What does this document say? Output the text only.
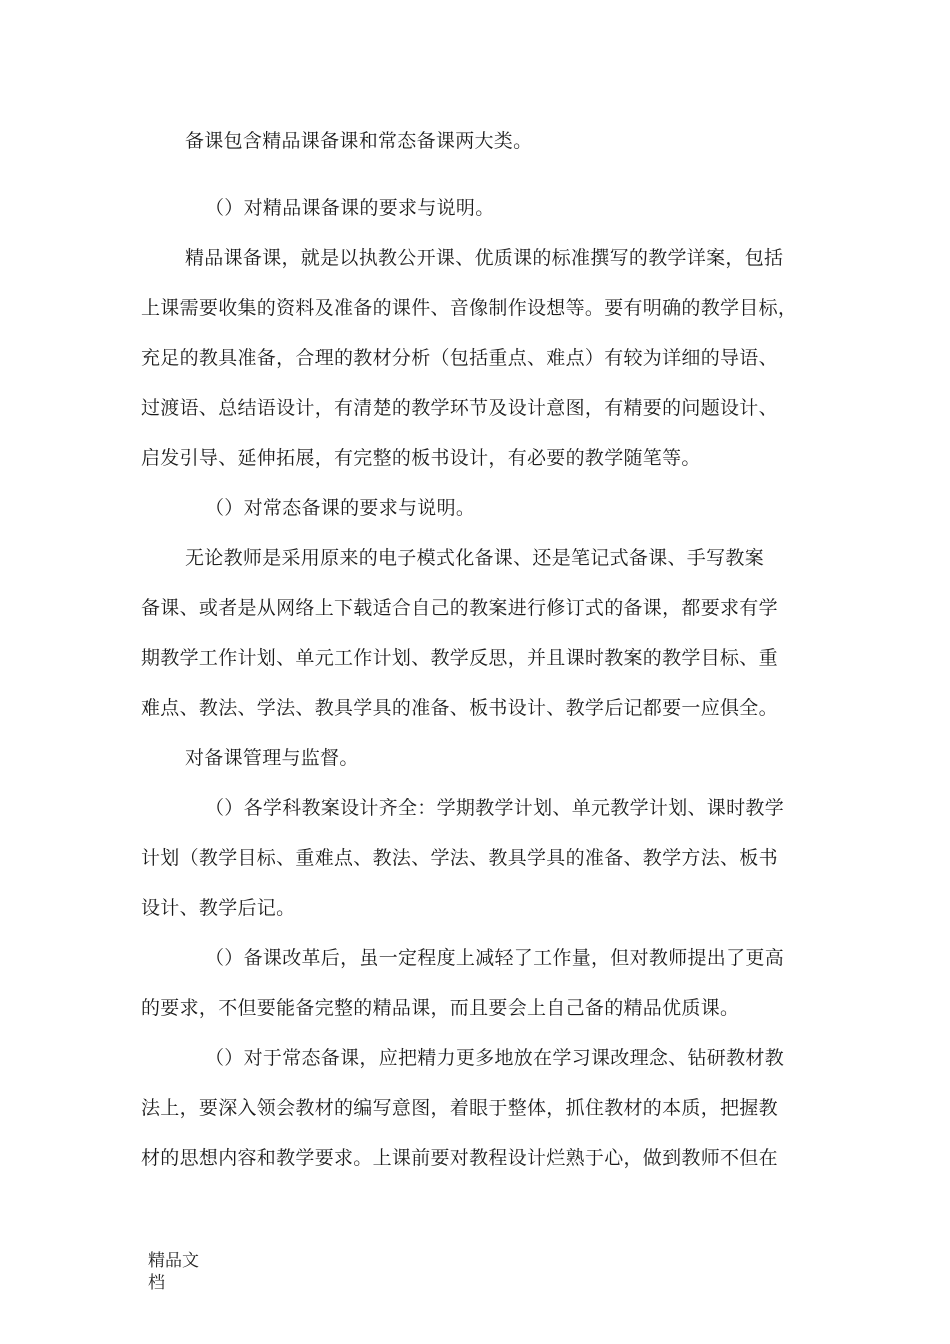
备课包含精品课备课和常态备课两大类。

（）对精品课备课的要求与说明。

精品课备课，就是以执教公开课、优质课的标准撰写的教学详案，包括

上课需要收集的资料及准备的课件、音像制作设想等。要有明确的教学目标，

充足的教具准备，合理的教材分析（包括重点、难点）有较为详细的导语、

过渡语、总结语设计，有清楚的教学环节及设计意图，有精要的问题设计、

启发引导、延伸拓展，有完整的板书设计，有必要的教学随笔等。

（）对常态备课的要求与说明。

无论教师是采用原来的电子模式化备课、还是笔记式备课、手写教案

备课、或者是从网络上下载适合自己的教案进行修订式的备课，都要求有学

期教学工作计划、单元工作计划、教学反思，并且课时教案的教学目标、重

难点、教法、学法、教具学具的准备、板书设计、教学后记都要一应俱全。

对备课管理与监督。

（）各学科教案设计齐全：学期教学计划、单元教学计划、课时教学

计划（教学目标、重难点、教法、学法、教具学具的准备、教学方法、板书

设计、教学后记。

（）备课改革后，虽一定程度上减轻了工作量，但对教师提出了更高

的要求，不但要能备完整的精品课，而且要会上自己备的精品优质课。

（）对于常态备课，应把精力更多地放在学习课改理念、钻研教材教

法上，要深入领会教材的编写意图，着眼于整体，抓住教材的本质，把握教

材的思想内容和教学要求。上课前要对教程设计烂熟于心，做到教师不但在

精品文
档
